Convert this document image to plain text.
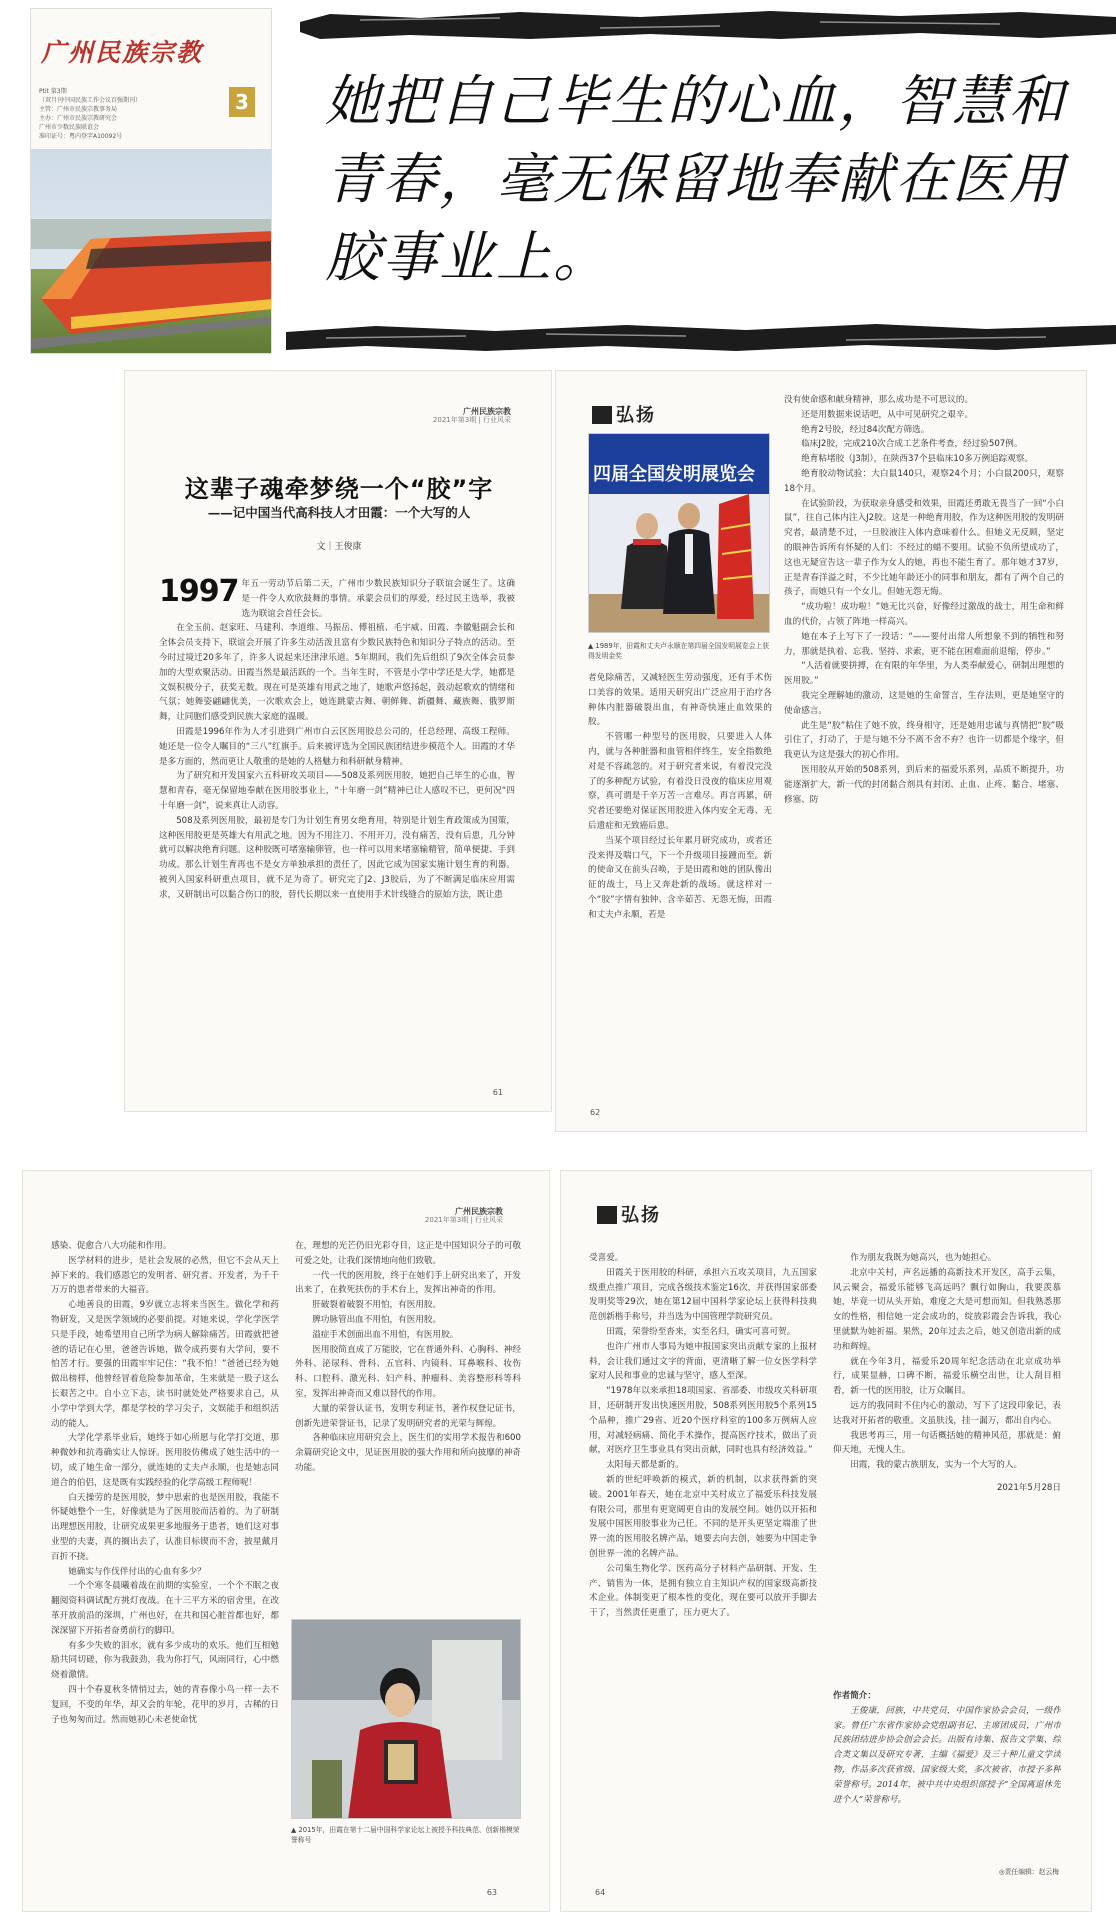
广州民族宗教
Ptit 第3期
（双月刊中国民族工作会议百强期刊）
主管：广州市民族宗教事务局
主办：广州市民族宗教研究会
广州市少数民族联谊会
准印证号：粤内登字A10092号
3 她把自己毕生的心血，智慧和青春，毫无保留地奉献在医用胶事业上。
广州民族宗教
2021年第3期 | 行业风采
这辈子魂牵梦绕一个“胶”字
——记中国当代高科技人才田霞：一个大写的人
文｜王俊康
1997 年五一劳动节后第二天，广州市少数民族知识分子联谊会诞生了。这确是一件令人欢欣鼓舞的事情。承蒙会员们的厚爱，经过民主选举，我被选为联谊会首任会长。

在全玉前、赵家旺、马建利、李道维、马振岳、傅祖植、毛宇威、田霞、李徽魁副会长和全体会员支持下，联谊会开展了许多生动活泼且富有少数民族特色和知识分子特点的活动。至今时过境迁20多年了，许多人说起来还津津乐道。5年期间，我们先后组织了9次全体会员参加的大型欢聚活动。田霞当然是最活跃的一个。当年生时，不管是小学中学还是大学，她都是文娱积极分子，获奖无数。现在可是英雄有用武之地了，她歌声悠扬起，鼓动起歌欢的情绪和气氛；她舞姿翩翩优美，一次歌欢会上，她连跳蒙古舞、朝鲜舞、新疆舞、藏族舞、俄罗斯舞，让同胞们感受到民族大家庭的温暖。

田霞是1996年作为人才引进到广州市白云区医用胶总公司的，任总经理、高级工程师。她还是一位令人瞩目的“三八”红旗手。后来被评选为全国民族团结进步模范个人。田霞的才华是多方面的，然而更让人敬重的是她的人格魅力和科研献身精神。

为了研究和开发国家六五科研攻关项目——508及系列医用胶，她把自己毕生的心血，智慧和青春，毫无保留地奉献在医用胶事业上，“十年磨一剑”精神已让人感叹不已，更何况“四十年磨一剑”，说来真让人动容。

508及系列医用胶，最初是专门为计划生育男女绝育用，特别是计划生育政策成为国策，这种医用胶更是英雄大有用武之地。因为不用注刀、不用开刀，没有痛苦，没有后患，几分钟就可以解决绝育问题。这种胶既可堵塞输卵管，也一样可以用来堵塞输精管，简单便捷、手到功成。那么计划生育再也不是女方单独承担的责任了，因此它成为国家实施计划生育的利器。被列入国家科研重点项目，就不足为奇了。研究完了J2、J3胶后，为了不断满足临床应用需求，又研制出可以黏合伤口的胶，替代长期以来一直使用手术针线缝合的原始方法，既让患

61
弘扬
四届全国发明展览会
▲ 1989年，田霞和丈夫卢永顺在第四届全国发明展览会上获得发明金奖

者免除痛苦，又减轻医生劳动强度，还有手术伤口美容的效果。适用天研究出广泛应用于治疗各种体内脏器破裂出血，有神奇快速止血效果的胶。

不管哪一种型号的医用胶，只要进入人体内，就与各种脏器和血管相伴终生，安全指数绝对是不容疏忽的。对于研究者来说，有着没完没了的多种配方试验，有着没日没夜的临床应用观察，真可谓是千辛万苦一言难尽。再言再累，研究者还要绝对保证医用胶进入体内安全无毒、无后遗症和无致癌后患。

当某个项目经过长年累月研究成功，或者还没来得及喘口气，下一个升级项目接踵而至。新的使命又在前头召唤，于是田霞和她的团队像出征的战士，马上又奔赴新的战场。就这样对一个“胶”字情有独钟、含辛茹苦、无怨无悔，田霞和丈夫卢永顺，若是

没有使命感和献身精神，那么成功是不可思议的。

还是用数据来说话吧，从中可见研究之艰辛。

绝育2号胶，经过84次配方筛选。

临床J2胶，完成210次合成工艺条件考查，经过验507例。

绝育粘堵胶（J3制），在陕西37个县临床10多万例追踪观察。

绝育胶动物试验：大白鼠140只，观察24个月；小白鼠200只，观察18个月。

在试验阶段，为获取亲身感受和效果，田霞还勇敢无畏当了一回“小白鼠”，往自己体内注入J2胶。这是一种绝育用胶，作为这种医用胶的发明研究者，最清楚不过，一旦胶液注入体内意味着什么。但她义无反顾，坚定的眼神告诉所有怀疑的人们：不经过的蜡不要用。试验不负所望成功了，这也无疑宣告这一辈子作为女人的她，再也不能生育了。那年她才37岁，正是青春洋溢之时，不少比她年龄还小的同事和朋友，都有了两个自己的孩子，而她只有一个女儿。但她无怨无悔。

“成功啦！成功啦！”她无比兴奋，好像经过激战的战士，用生命和鲜血的代价，占领了阵地一样高兴。

她在本子上写下了一段话：“——要付出常人所想象不到的牺牲和努力，那就是执着、忘我、坚持、求索，更不能在困难面前退缩，停步。”

“人活着就要拼搏，在有限的年华里，为人类奉献爱心，研制出理想的医用胶。”

我完全理解她的激动，这是她的生命誓言，生存法则，更是她坚守的使命感言。

此生是“胶”粘住了她不放，终身相守，还是她用忠诚与真情把“胶”吸引住了，打动了，于是与她不分不离不舍不弃？也许一切都是个缘字，但我更认为这是强大的初心作用。

医用胶从开始的508系列，到后来的福爱乐系列，品质不断提升，功能逐渐扩大，新一代的封闭黏合剂具有封闭、止血、止疼、黏合、堵塞、修塞、防

62
广州民族宗教
2021年第3期 | 行业风采

感染、促愈合八大功能和作用。

医学材料的进步，是社会发展的必然，但它不会从天上掉下来的。我们感恩它的发明者、研究者、开发者，为千千万万的患者带来的大福音。

心地善良的田霞，9岁就立志将来当医生。做化学和药物研发，又是医学领域的必要前提。对她来说，学化学医学只是手段，她希望用自己所学为病人解除痛苦。田霞就把爸爸的话记在心里，爸爸告诉她，做令成药要有大学问，要不怕苦才行。要强的田霞牢牢记住：“我不怕！”爸爸已经为她做出榜样，他曾经冒着危险参加革命，生来就是一股子这么长艰苦之中。自小立下志，读书时就处处严格要求自己，从小学中学到大学，都是学校的学习尖子，文娱能手和组织活动的能人。

大学化学系毕业后，她终于如心所愿与化学打交道，那种微妙和抗毒确实让人惊讶。医用胶仿佛成了她生活中的一切，成了她生命一部分，就连她的丈夫卢永顺，也是她志同道合的伯侣，这是既有实践经验的化学高级工程师呢！

白天操劳的是医用胶，梦中思索的也是医用胶，我能不怀疑她整个一生，好像就是为了医用胶而活着的。为了研制出理想医用胶，让研究成果更多地服务于患者，她们这对事业型的夫妻，真的搁出去了，认准目标锲而不舍，披星戴月百折不挠。

她确实与作伐伴付出的心血有多少？

一个个寒冬晨曦着战在前期的实验室，一个个不眠之夜翻阅资料调试配方挑灯夜战。在十三平方米的宿舍里，在改革开放前沿的深圳，广州也好，在共和国心脏首都也好，都深深留下开拓者奋勇前行的脚印。

有多少失败的泪水，就有多少成功的欢乐。他们互相勉励共同切磋，你为我鼓劲，我为你打气，风雨同行，心中燃烧着激情。

四十个春夏秋冬情悄过去，她的青春像小鸟一样一去不复回，不变的年华，却又会的年轮，花甲的岁月，古稀的日子也匆匆而过。然而她初心未老使命忧

在，理想的光芒仍旧光彩夺目，这正是中国知识分子的可敬可爱之处，让我们深情地向他们致敬。

一代一代的医用胶，终于在她们手上研究出来了，开发出来了，在救死扶伤的手术台上，发挥出神奇的作用。

肝破裂着破裂不用怕，有医用胶。

脾功脉管出血不用怕，有医用胶。

溢症手术创面出血不用怕，有医用胶。

医用胶简直成了万能胶，它在普通外科、心胸科、神经外科、泌尿科、骨科、五官科、内镜科、耳鼻喉科、妆伤科、口腔科、激光科、妇产科、肿瘤科、美容整形科等科室，发挥出神奇而又难以替代的作用。

大量的荣誉认证书，发明专利证书，著作权登记证书，创新先进荣誉证书，记录了发明研究者的光荣与辉煌。

各种临床应用研究会上，医生们的实用学术报告和600余篇研究论文中，见证医用胶的强大作用和所向披靡的神奇功能。

▲ 2015年，田霞在第十二届中国科学家论坛上被授予科技典范、创新楷模荣誉称号
63
弘扬

受喜爱。

田霞关于医用胶的科研，承担六五攻关项目，九五国家级重点推广项目，完成各级技术鉴定16次，并获得国家部委发明奖等29次，她在第12届中国科学家论坛上获得科技典范创新楷手称号，并当选为中国管理学院研究员。

田霞，荣誉纷至沓来，实至名归，确实可喜可贺。

也许广州市人事局为她申报国家突出贡献专家的上报材料，会让我们通过文字的背面，更清晰了解一位女医学科学家对人民和事业的忠诚与坚守，感人至深。

“1978年以来承担18项国家、省部委、市级攻关科研项目，还研制开发出快速医用胶，508系列医用胶5个系列15个品种，推广29省、近20个医疗科室的100多万例病人应用，对减轻病痛、简化手术操作，提高医疗技术，做出了贡献，对医疗卫生事业具有突出贡献，同时也具有经济效益。”

太阳每天都是新的。

新的世纪呼唤新的模式，新的机制，以求获得新的突破。2001年春天，她在北京中关村成立了福爱乐科技发展有限公司，那里有更宽阔更自由的发展空间。她仍以开拓和发展中国医用胶事业为己任。不同的是开头更坚定端准了世界一流的医用胶名牌产品，她要去向去创，她要为中国走争创世界一流的名牌产品。

公司集生物化学、医药高分子材料产品研制、开发、生产、销售为一体，是拥有独立自主知识产权的国家级高新技术企业。体制变更了根本性的变化，现在要可以放开手脚去干了，当然责任更重了，压力更大了。

作为朋友我既为她高兴，也为她担心。

北京中关村，声名远播的高新技术开发区，高手云集，风云聚会，福爱乐能够飞高远吗？飘行如胸山，我要羡慕她，毕竟一切从头开始，难度之大是可想而知。但我熟悉那女的性格，相信她一定会成功的，绽放彩霞会告诉我，我心里就默为她祈福。果然，20年过去之后，她又创造出新的成功和辉煌。

就在今年3月，福爱乐20周年纪念活动在北京成功举行，成果显赫，口碑不断，福爱乐横空出世，让人刮目相看，新一代的医用胶，让万众瞩目。

远方的我同时不住内心的激动，写下了这段印象记，表达我对开拓者的敬重。文虽肤浅，挂一漏万，都出自内心。

我思考再三，用一句话概括她的精神风范，那就是：俯仰天地，无愧人生。

田霞，我的蒙古族朋友，实为一个大写的人。

2021年5月28日
作者简介：

王俊康，回族，中共党员，中国作家协会会员，一级作家。曾任广东省作家协会党组副书记、主席团成员，广州市民族团结进步协会创会会长。出版有诗集、报告文学集、综合类文集以及研究专著，主编《福爱》及三十种儿童文学读物，作品多次获省级、国家级大奖，多次被省、市授予多种荣誉称号。2014年，被中共中央组织部授予“全国离退休先进个人”荣誉称号。

◎责任编辑：赵云梅
64
